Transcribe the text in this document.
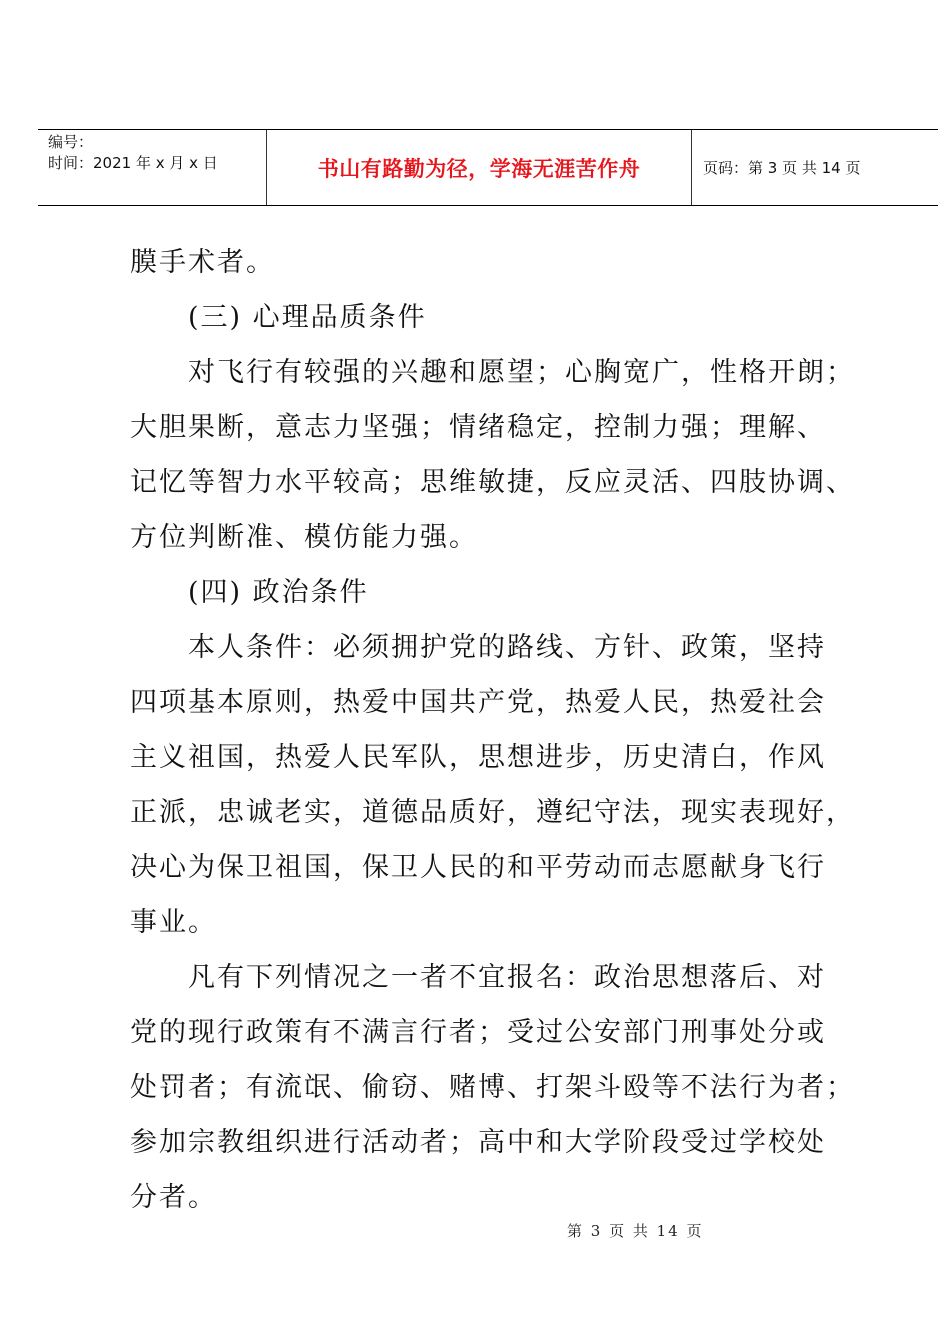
编号：
时间：2021 年 x 月 x 日	书山有路勤为径，学海无涯苦作舟	页码：第 3 页 共 14 页
膜手术者。
(三) 心理品质条件
对飞行有较强的兴趣和愿望；心胸宽广，性格开朗；
大胆果断，意志力坚强；情绪稳定，控制力强；理解、
记忆等智力水平较高；思维敏捷，反应灵活、四肢协调、
方位判断准、模仿能力强。
(四) 政治条件
本人条件：必须拥护党的路线、方针、政策，坚持
四项基本原则，热爱中国共产党，热爱人民，热爱社会
主义祖国，热爱人民军队，思想进步，历史清白，作风
正派，忠诚老实，道德品质好，遵纪守法，现实表现好，
决心为保卫祖国，保卫人民的和平劳动而志愿献身飞行
事业。
凡有下列情况之一者不宜报名：政治思想落后、对
党的现行政策有不满言行者；受过公安部门刑事处分或
处罚者；有流氓、偷窃、赌博、打架斗殴等不法行为者；
参加宗教组织进行活动者；高中和大学阶段受过学校处
分者。
第 3 页 共 14 页
